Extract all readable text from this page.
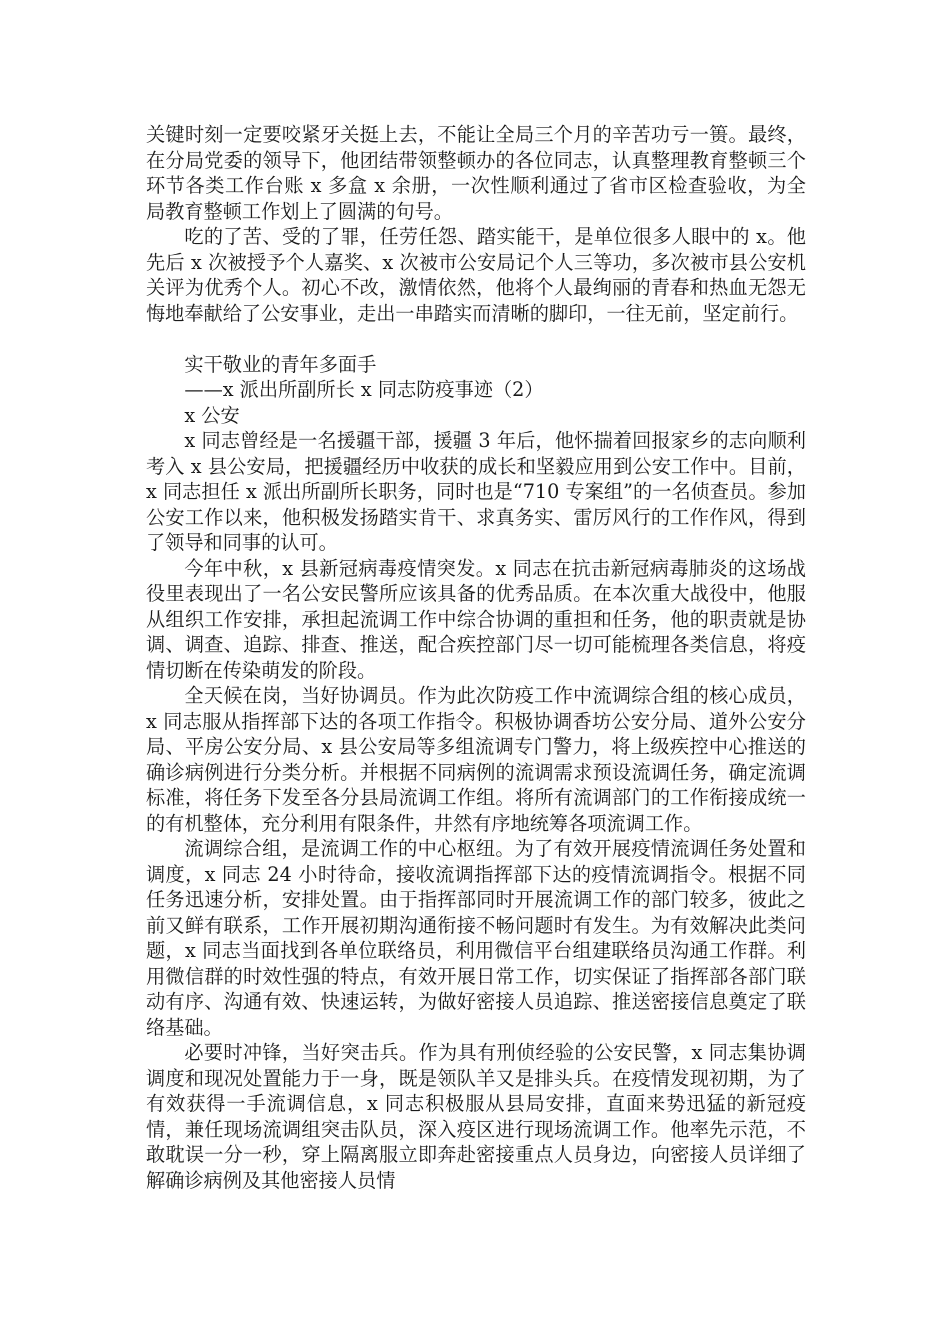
关键时刻一定要咬紧牙关挺上去，不能让全局三个月的辛苦功亏一篑。最终，在分局党委的领导下，他团结带领整顿办的各位同志，认真整理教育整顿三个环节各类工作台账 x 多盒 x 余册，一次性顺利通过了省市区检查验收，为全局教育整顿工作划上了圆满的句号。

吃的了苦、受的了罪，任劳任怨、踏实能干，是单位很多人眼中的 x。他先后 x 次被授予个人嘉奖、x 次被市公安局记个人三等功，多次被市县公安机关评为优秀个人。初心不改，激情依然，他将个人最绚丽的青春和热血无怨无悔地奉献给了公安事业，走出一串踏实而清晰的脚印，一往无前，坚定前行。

实干敬业的青年多面手

——x 派出所副所长 x 同志防疫事迹（2）

x 公安

x 同志曾经是一名援疆干部，援疆 3 年后，他怀揣着回报家乡的志向顺利考入 x 县公安局，把援疆经历中收获的成长和坚毅应用到公安工作中。目前，x 同志担任 x 派出所副所长职务，同时也是“710 专案组”的一名侦查员。参加公安工作以来，他积极发扬踏实肯干、求真务实、雷厉风行的工作作风，得到了领导和同事的认可。

今年中秋，x 县新冠病毒疫情突发。x 同志在抗击新冠病毒肺炎的这场战役里表现出了一名公安民警所应该具备的优秀品质。在本次重大战役中，他服从组织工作安排，承担起流调工作中综合协调的重担和任务，他的职责就是协调、调查、追踪、排查、推送，配合疾控部门尽一切可能梳理各类信息，将疫情切断在传染萌发的阶段。

全天候在岗，当好协调员。作为此次防疫工作中流调综合组的核心成员，x 同志服从指挥部下达的各项工作指令。积极协调香坊公安分局、道外公安分局、平房公安分局、x 县公安局等多组流调专门警力，将上级疾控中心推送的确诊病例进行分类分析。并根据不同病例的流调需求预设流调任务，确定流调标准，将任务下发至各分县局流调工作组。将所有流调部门的工作衔接成统一的有机整体，充分利用有限条件，井然有序地统筹各项流调工作。

流调综合组，是流调工作的中心枢纽。为了有效开展疫情流调任务处置和调度，x 同志 24 小时待命，接收流调指挥部下达的疫情流调指令。根据不同任务迅速分析，安排处置。由于指挥部同时开展流调工作的部门较多，彼此之前又鲜有联系，工作开展初期沟通衔接不畅问题时有发生。为有效解决此类问题，x 同志当面找到各单位联络员，利用微信平台组建联络员沟通工作群。利用微信群的时效性强的特点，有效开展日常工作，切实保证了指挥部各部门联动有序、沟通有效、快速运转，为做好密接人员追踪、推送密接信息奠定了联络基础。

必要时冲锋，当好突击兵。作为具有刑侦经验的公安民警，x 同志集协调调度和现况处置能力于一身，既是领队羊又是排头兵。在疫情发现初期，为了有效获得一手流调信息，x 同志积极服从县局安排，直面来势迅猛的新冠疫情，兼任现场流调组突击队员，深入疫区进行现场流调工作。他率先示范，不敢耽误一分一秒，穿上隔离服立即奔赴密接重点人员身边，向密接人员详细了解确诊病例及其他密接人员情
